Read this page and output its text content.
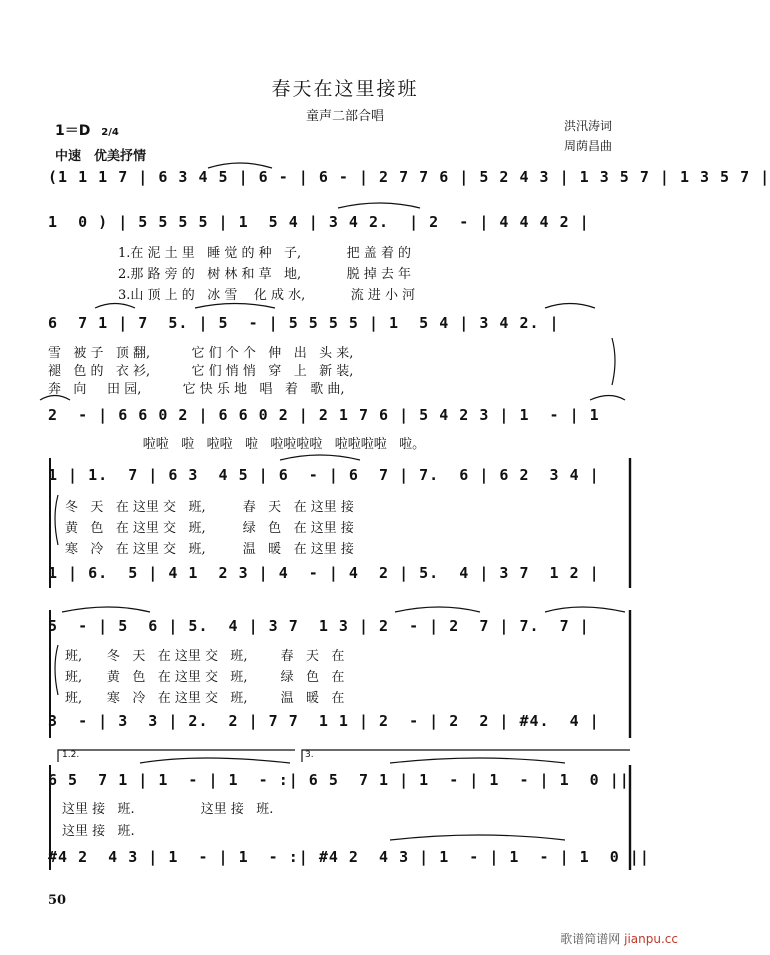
春天在这里接班
童声二部合唱
洪汛涛词
周荫昌曲
1＝D 2/4
中速　优美抒情
(1 1 1 7 | 6 3 4 5 | 6 - | 6 - | 2 7 7 6 | 5 2 4 3 | 1 3 5 7 | 1 3 5 7 |
1  0 ) | 5 5 5 5 | 1  5 4 | 3 4 2.  | 2  - | 4 4 4 2 |
1.在 泥 土 里   睡 觉 的 种   子,           把 盖 着 的
2.那 路 旁 的   树 林 和 草   地,           脱 掉 去 年
3.山 顶 上 的   冰 雪    化 成 水,           流 进 小 河
6  7 1 | 7  5. | 5  - | 5 5 5 5 | 1  5 4 | 3 4 2. |
雪   被 子   顶 翻,          它 们 个 个   伸   出   头 来,
褪   色 的   衣 衫,          它 们 悄 悄   穿   上   新 装,
奔   向     田 园,          它 快 乐 地   唱   着   歌 曲,
2  - | 6 6 0 2 | 6 6 0 2 | 2 1 7 6 | 5 4 2 3 | 1  - | 1
啦啦   啦   啦啦   啦   啦啦啦啦   啦啦啦啦   啦。
1 | 1.  7 | 6 3  4 5 | 6  - | 6  7 | 7.  6 | 6 2  3 4 |
冬   天   在 这里 交   班,         春   天   在 这里 接
黄   色   在 这里 交   班,         绿   色   在 这里 接
寒   冷   在 这里 交   班,         温   暖   在 这里 接
1 | 6.  5 | 4 1  2 3 | 4  - | 4  2 | 5.  4 | 3 7  1 2 |
5  - | 5  6 | 5.  4 | 3 7  1 3 | 2  - | 2  7 | 7.  7 |
班,      冬   天   在 这里 交   班,        春   天   在
班,      黄   色   在 这里 交   班,        绿   色   在
班,      寒   冷   在 这里 交   班,        温   暖   在
3  - | 3  3 | 2.  2 | 7 7  1 1 | 2  - | 2  2 | #4.  4 |
1.2.	3.
6 5  7 1 | 1  - | 1  - :| 6 5  7 1 | 1  - | 1  - | 1  0 ||
这里 接   班.                这里 接   班.
这里 接   班.
#4 2  4 3 | 1  - | 1  - :| #4 2  4 3 | 1  - | 1  - | 1  0 ||
50
歌谱简谱网 jianpu.cc
